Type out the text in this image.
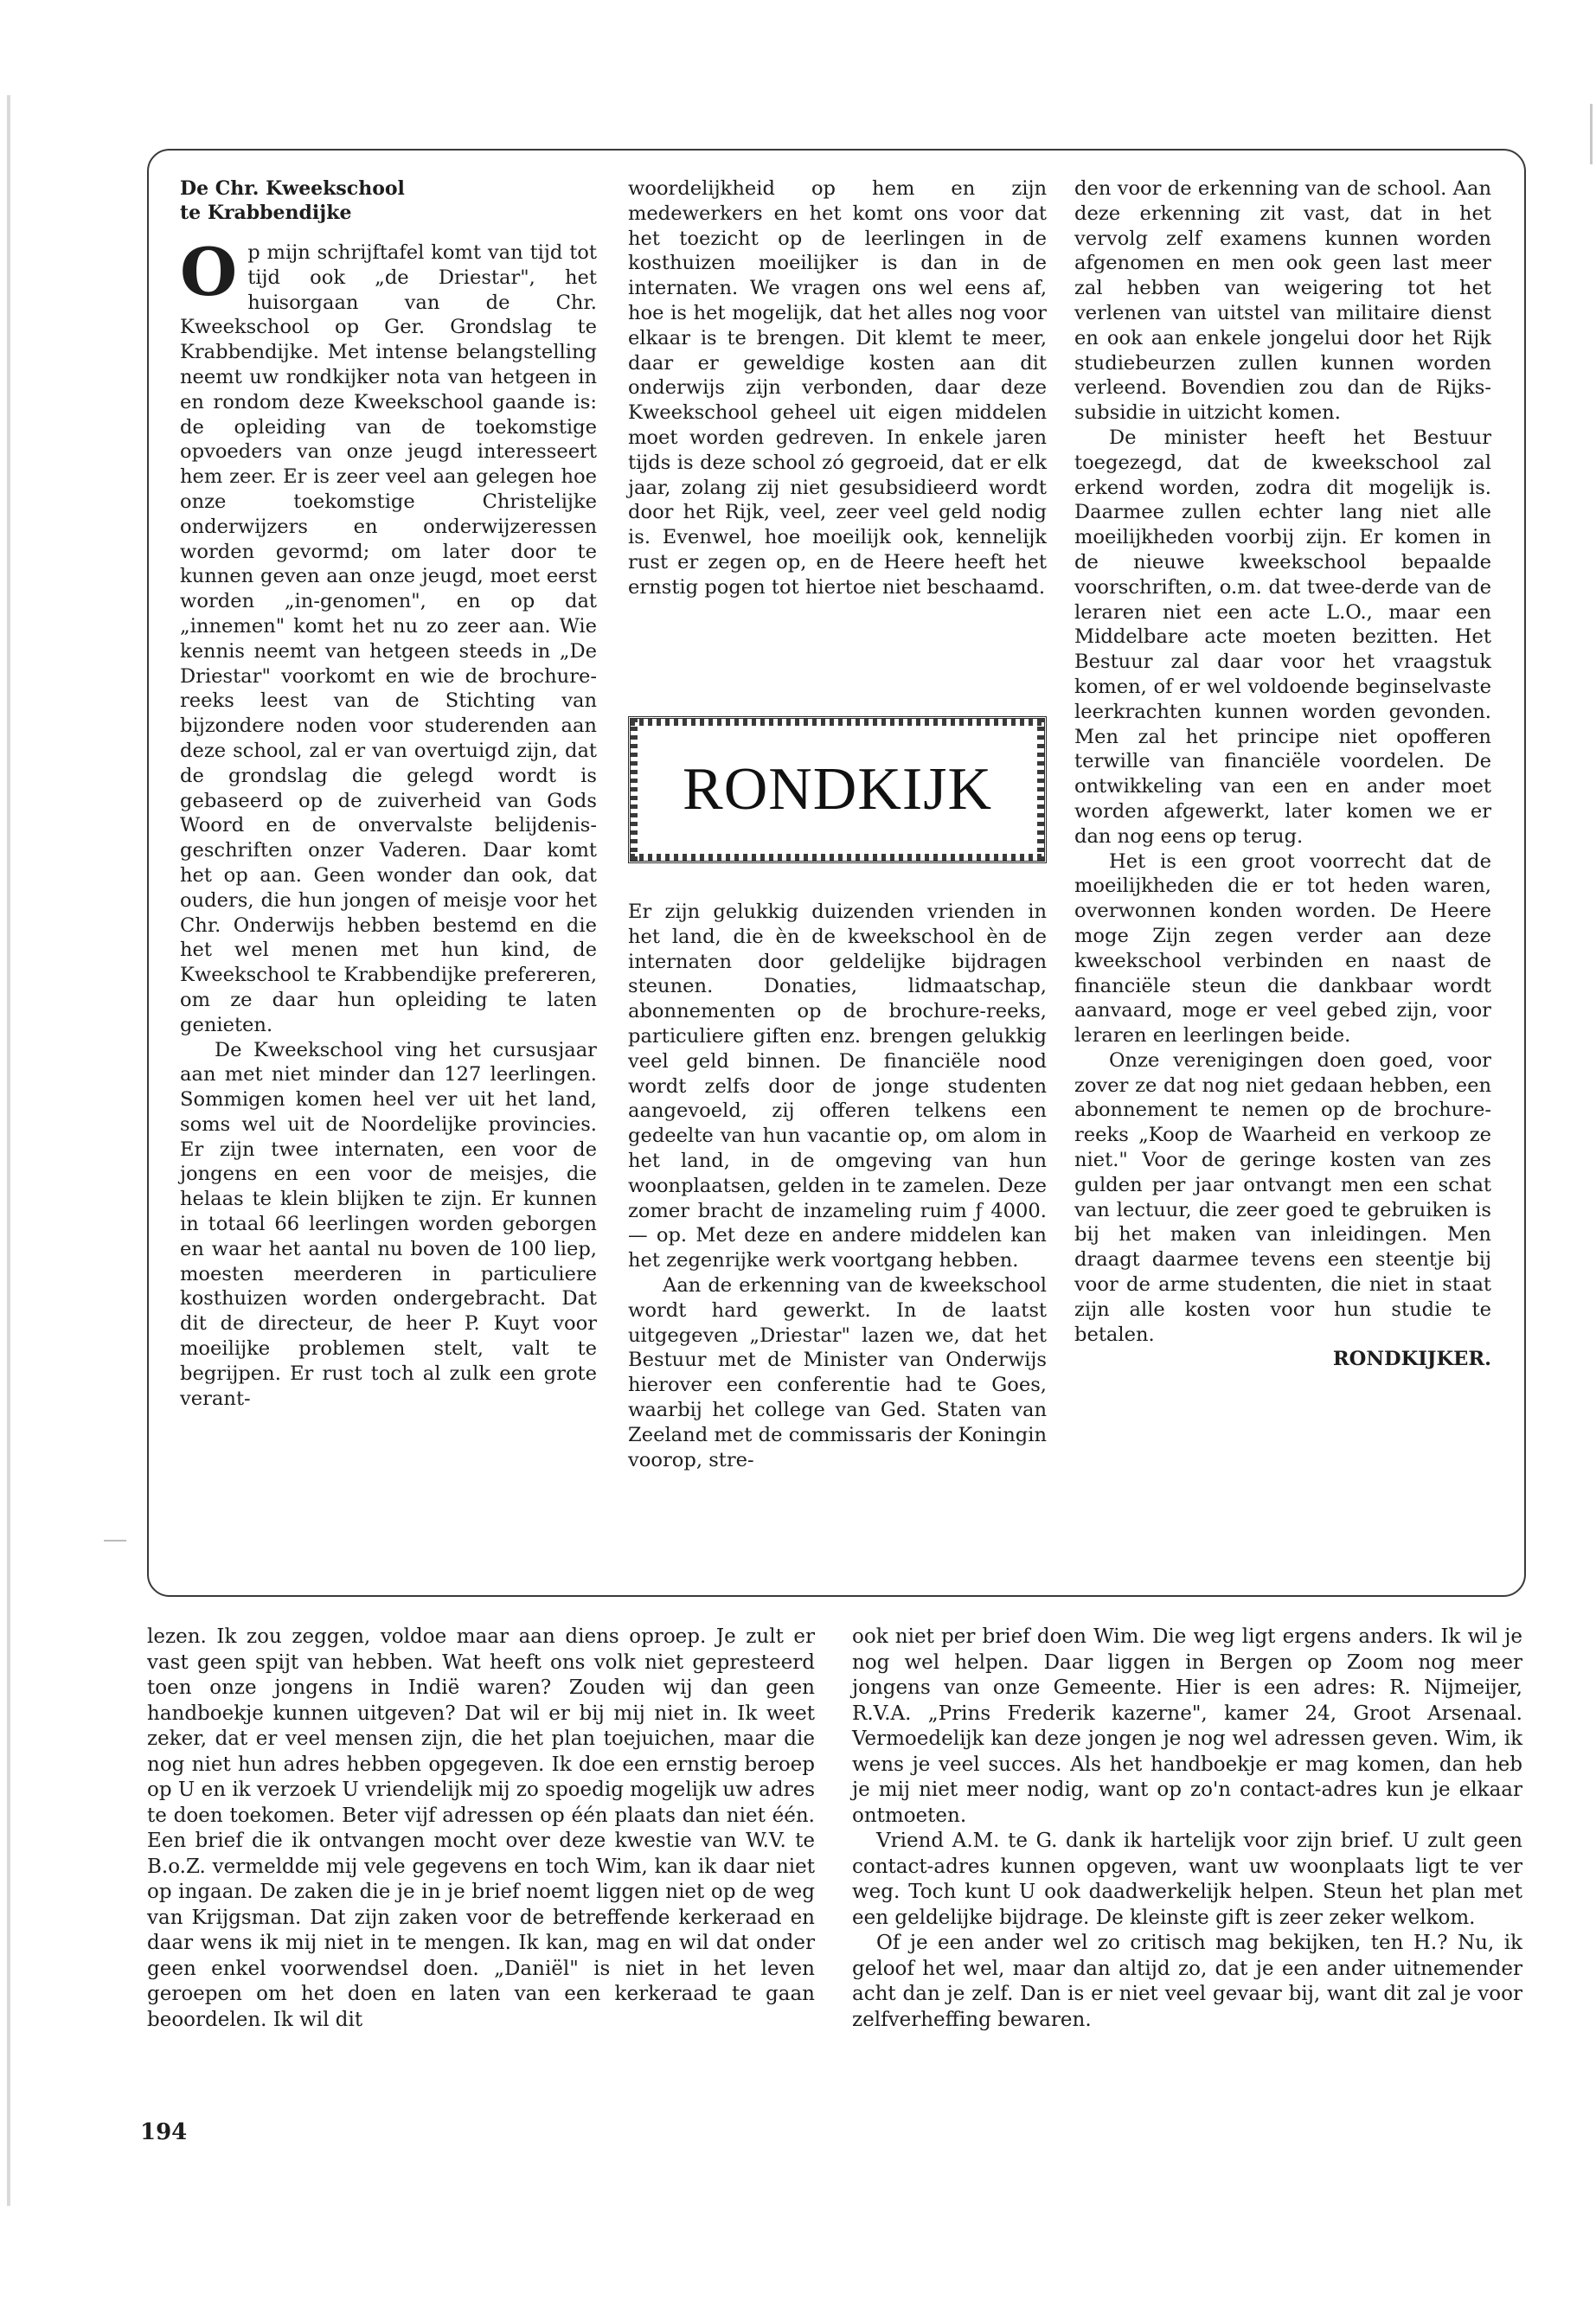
De Chr. Kweekschool
te Krabbendijke

Op mijn schrijftafel komt van tijd tot tijd ook „de Driestar", het huisorgaan van de Chr. Kweekschool op Ger. Grondslag te Krabbendijke. Met intense belangstelling neemt uw rondkijker nota van hetgeen in en rondom deze Kweekschool gaande is: de opleiding van de toekomstige opvoeders van onze jeugd interesseert hem zeer. Er is zeer veel aan gelegen hoe onze toekomstige Christelijke onderwijzers en onderwijzeressen worden gevormd; om later door te kunnen geven aan onze jeugd, moet eerst worden „in-genomen", en op dat „innemen" komt het nu zo zeer aan. Wie kennis neemt van hetgeen steeds in „De Driestar" voorkomt en wie de brochure-reeks leest van de Stichting van bijzondere noden voor studerenden aan deze school, zal er van overtuigd zijn, dat de grondslag die gelegd wordt is gebaseerd op de zuiverheid van Gods Woord en de onvervalste belijdenis-geschriften onzer Vaderen. Daar komt het op aan. Geen wonder dan ook, dat ouders, die hun jongen of meisje voor het Chr. Onderwijs hebben bestemd en die het wel menen met hun kind, de Kweekschool te Krabbendijke prefereren, om ze daar hun opleiding te laten genieten.

De Kweekschool ving het cursusjaar aan met niet minder dan 127 leerlingen. Sommigen komen heel ver uit het land, soms wel uit de Noordelijke provincies. Er zijn twee internaten, een voor de jongens en een voor de meisjes, die helaas te klein blijken te zijn. Er kunnen in totaal 66 leerlingen worden geborgen en waar het aantal nu boven de 100 liep, moesten meerderen in particuliere kosthuizen worden ondergebracht. Dat dit de directeur, de heer P. Kuyt voor moeilijke problemen stelt, valt te begrijpen. Er rust toch al zulk een grote verant-

woordelijkheid op hem en zijn medewerkers en het komt ons voor dat het toezicht op de leerlingen in de kosthuizen moeilijker is dan in de internaten. We vragen ons wel eens af, hoe is het mogelijk, dat het alles nog voor elkaar is te brengen. Dit klemt te meer, daar er geweldige kosten aan dit onderwijs zijn verbonden, daar deze Kweekschool geheel uit eigen middelen moet worden gedreven. In enkele jaren tijds is deze school zó gegroeid, dat er elk jaar, zolang zij niet gesubsidieerd wordt door het Rijk, veel, zeer veel geld nodig is. Evenwel, hoe moeilijk ook, kennelijk rust er zegen op, en de Heere heeft het ernstig pogen tot hiertoe niet beschaamd.

RONDKIJK

Er zijn gelukkig duizenden vrienden in het land, die èn de kweekschool èn de internaten door geldelijke bijdragen steunen. Donaties, lidmaatschap, abonnementen op de brochure-reeks, particuliere giften enz. brengen gelukkig veel geld binnen. De financiële nood wordt zelfs door de jonge studenten aangevoeld, zij offeren telkens een gedeelte van hun vacantie op, om alom in het land, in de omgeving van hun woonplaatsen, gelden in te zamelen. Deze zomer bracht de inzameling ruim ƒ 4000.— op. Met deze en andere middelen kan het zegenrijke werk voortgang hebben.

Aan de erkenning van de kweekschool wordt hard gewerkt. In de laatst uitgegeven „Driestar" lazen we, dat het Bestuur met de Minister van Onderwijs hierover een conferentie had te Goes, waarbij het college van Ged. Staten van Zeeland met de commissaris der Koningin voorop, stre-

den voor de erkenning van de school. Aan deze erkenning zit vast, dat in het vervolg zelf examens kunnen worden afgenomen en men ook geen last meer zal hebben van weigering tot het verlenen van uitstel van militaire dienst en ook aan enkele jongelui door het Rijk studiebeurzen zullen kunnen worden verleend. Bovendien zou dan de Rijks-subsidie in uitzicht komen.

De minister heeft het Bestuur toegezegd, dat de kweekschool zal erkend worden, zodra dit mogelijk is. Daarmee zullen echter lang niet alle moeilijkheden voorbij zijn. Er komen in de nieuwe kweekschool bepaalde voorschriften, o.m. dat twee-derde van de leraren niet een acte L.O., maar een Middelbare acte moeten bezitten. Het Bestuur zal daar voor het vraagstuk komen, of er wel voldoende beginselvaste leerkrachten kunnen worden gevonden. Men zal het principe niet opofferen terwille van financiële voordelen. De ontwikkeling van een en ander moet worden afgewerkt, later komen we er dan nog eens op terug.

Het is een groot voorrecht dat de moeilijkheden die er tot heden waren, overwonnen konden worden. De Heere moge Zijn zegen verder aan deze kweekschool verbinden en naast de financiële steun die dankbaar wordt aanvaard, moge er veel gebed zijn, voor leraren en leerlingen beide.

Onze verenigingen doen goed, voor zover ze dat nog niet gedaan hebben, een abonnement te nemen op de brochure-reeks „Koop de Waarheid en verkoop ze niet." Voor de geringe kosten van zes gulden per jaar ontvangt men een schat van lectuur, die zeer goed te gebruiken is bij het maken van inleidingen. Men draagt daarmee tevens een steentje bij voor de arme studenten, die niet in staat zijn alle kosten voor hun studie te betalen.

RONDKIJKER.

lezen. Ik zou zeggen, voldoe maar aan diens oproep. Je zult er vast geen spijt van hebben. Wat heeft ons volk niet gepresteerd toen onze jongens in Indië waren? Zouden wij dan geen handboekje kunnen uitgeven? Dat wil er bij mij niet in. Ik weet zeker, dat er veel mensen zijn, die het plan toejuichen, maar die nog niet hun adres hebben opgegeven. Ik doe een ernstig beroep op U en ik verzoek U vriendelijk mij zo spoedig mogelijk uw adres te doen toekomen. Beter vijf adressen op één plaats dan niet één. Een brief die ik ontvangen mocht over deze kwestie van W.V. te B.o.Z. vermeldde mij vele gegevens en toch Wim, kan ik daar niet op ingaan. De zaken die je in je brief noemt liggen niet op de weg van Krijgsman. Dat zijn zaken voor de betreffende kerkeraad en daar wens ik mij niet in te mengen. Ik kan, mag en wil dat onder geen enkel voorwendsel doen. „Daniël" is niet in het leven geroepen om het doen en laten van een kerkeraad te gaan beoordelen. Ik wil dit

ook niet per brief doen Wim. Die weg ligt ergens anders. Ik wil je nog wel helpen. Daar liggen in Bergen op Zoom nog meer jongens van onze Gemeente. Hier is een adres: R. Nijmeijer, R.V.A. „Prins Frederik kazerne", kamer 24, Groot Arsenaal. Vermoedelijk kan deze jongen je nog wel adressen geven. Wim, ik wens je veel succes. Als het handboekje er mag komen, dan heb je mij niet meer nodig, want op zo'n contact-adres kun je elkaar ontmoeten.

Vriend A.M. te G. dank ik hartelijk voor zijn brief. U zult geen contact-adres kunnen opgeven, want uw woonplaats ligt te ver weg. Toch kunt U ook daadwerkelijk helpen. Steun het plan met een geldelijke bijdrage. De kleinste gift is zeer zeker welkom.

Of je een ander wel zo critisch mag bekijken, ten H.? Nu, ik geloof het wel, maar dan altijd zo, dat je een ander uitnemender acht dan je zelf. Dan is er niet veel gevaar bij, want dit zal je voor zelfverheffing bewaren.

194
